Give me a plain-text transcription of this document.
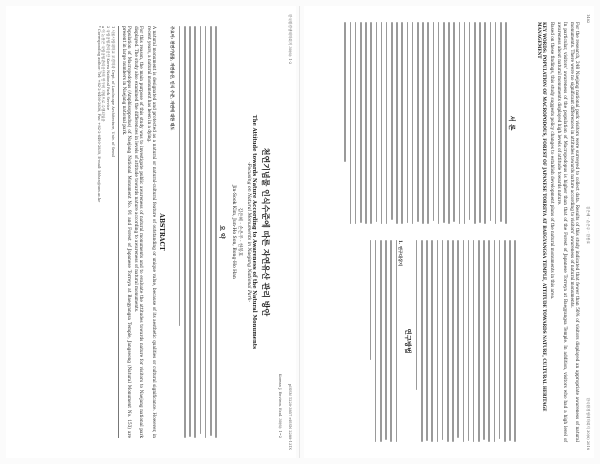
한국환경생태학회지 30(6): 1-2
pISSN 1229-3857 eISSN 2288-131X
Korean J. Environ. Ecol. 30(6): 1~2
천연기념물 인식수준에 따른 자연유산 관리 방안
The Attitude towards Nature According to Awareness of the Natural Monuments
-Focusing on Natural Monuments in Naejang National Park-
김은혜 · 손은주 · 한봉호
Jin-Sook Kim, Jun-Ho Son, Bong-Ho Han
요 약
주요어: 천연기념물, 자연유산, 인식 수준, 자연에 대한 태도
ABSTRACT

A natural monument is designated and protected as a natural or natural-cultural feature of outstanding or unique value, because of its aesthetic qualities or cultural significance. However, in recent years, a natural monument has been in a dying.

For this reason, the main purpose of this study was to investigate public awareness of natural monuments and to evaluate the attitudes towards nature for visitors to Naejang national park displayed. The study also examined the differences in levels of attitude towards nature according to awareness of natural monuments.

Population of Macropodopus (Amphisoppodus) of Naejang National Monument No. 91 and Forest of Japanese Torreya at Baegyangsa Temple, Jangseong (Natural Monument No. 153) are present in large numbers in Naejang national park.

1 서울시립대학교 조경학과 Dept. of Landscape Architecture, Univ. of Seoul
2 국립공원관리공단 Korea National Park Service
a 이 논문은 국립공원관리공단의 연구비 지원으로 수행되었음
* Corresponding author: Tel: +82-2-6490-2836, Fax: +82-2-6490-2839, E-mail: bhhan@uos.ac.kr
1482
김은혜 · 손은주 · 한봉호
한국환경생태학회지 30(6) 2016

For the research, 248 Naejang national park visitors were surveyed to collect data. Results of this study indicated that fewer than 50% of visitors displayed an appropriate awareness of natural monuments. There were no significant differences in attitudes towards nature according to visitors' awareness of natural monuments.

In particular, visitors' awareness of the population of Macropodopus is higher than that of the Forest of Japanese Torreya at Baegyangsa Temple. In addition, visitors who had a high level of awareness about natural monuments displayed high levels of attitude towards nature.

Based on these findings, this study suggests policy changes to establish development plans of the natural monuments in this area.

KEY WORDS: POPULATION OF MACROPODOUS, FOREST OF JAPANESE TORREYA AT BAEGYANGSA TEMPLE, ATTITUDE TOWARDS NATURE, CULTURAL HERITAGE MANAGEMENT
서 론
연구방법
1. 연구대상지
